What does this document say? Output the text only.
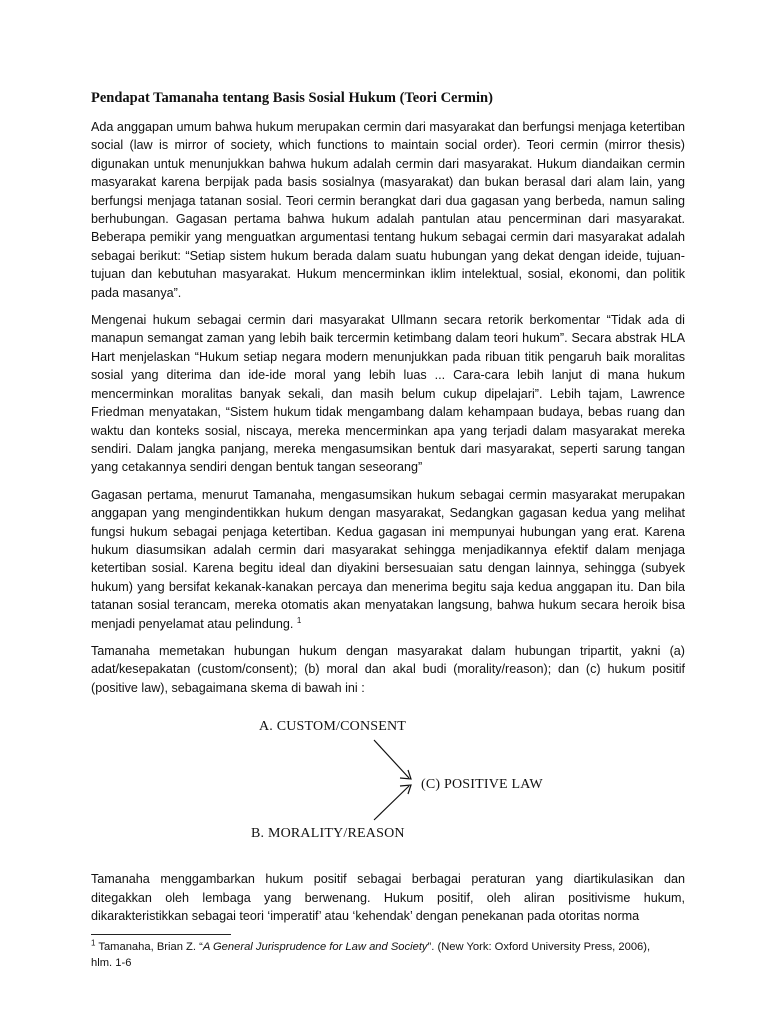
Pendapat Tamanaha tentang Basis Sosial Hukum (Teori Cermin)

Ada anggapan umum bahwa hukum merupakan cermin dari masyarakat dan berfungsi menjaga ketertiban social (law is mirror of society, which functions to maintain social order). Teori cermin (mirror thesis) digunakan untuk menunjukkan bahwa hukum adalah cermin dari masyarakat. Hukum diandaikan cermin masyarakat karena berpijak pada basis sosialnya (masyarakat) dan bukan berasal dari alam lain, yang berfungsi menjaga tatanan sosial. Teori cermin berangkat dari dua gagasan yang berbeda, namun saling berhubungan. Gagasan pertama bahwa hukum adalah pantulan atau pencerminan dari masyarakat. Beberapa pemikir yang menguatkan argumentasi tentang hukum sebagai cermin dari masyarakat adalah sebagai berikut: “Setiap sistem hukum berada dalam suatu hubungan yang dekat dengan ideide, tujuan-tujuan dan kebutuhan masyarakat. Hukum mencerminkan iklim intelektual, sosial, ekonomi, dan politik pada masanya”.

Mengenai hukum sebagai cermin dari masyarakat Ullmann secara retorik berkomentar “Tidak ada di manapun semangat zaman yang lebih baik tercermin ketimbang dalam teori hukum”. Secara abstrak HLA Hart menjelaskan “Hukum setiap negara modern menunjukkan pada ribuan titik pengaruh baik moralitas sosial yang diterima dan ide-ide moral yang lebih luas ... Cara-cara lebih lanjut di mana hukum mencerminkan moralitas banyak sekali, dan masih belum cukup dipelajari”. Lebih tajam, Lawrence Friedman menyatakan, “Sistem hukum tidak mengambang dalam kehampaan budaya, bebas ruang dan waktu dan konteks sosial, niscaya, mereka mencerminkan apa yang terjadi dalam masyarakat mereka sendiri. Dalam jangka panjang, mereka mengasumsikan bentuk dari masyarakat, seperti sarung tangan yang cetakannya sendiri dengan bentuk tangan seseorang”

Gagasan pertama, menurut Tamanaha, mengasumsikan hukum sebagai cermin masyarakat merupakan anggapan yang mengindentikkan hukum dengan masyarakat, Sedangkan gagasan kedua yang melihat fungsi hukum sebagai penjaga ketertiban. Kedua gagasan ini mempunyai hubungan yang erat. Karena hukum diasumsikan adalah cermin dari masyarakat sehingga menjadikannya efektif dalam menjaga ketertiban sosial. Karena begitu ideal dan diyakini bersesuaian satu dengan lainnya, sehingga (subyek hukum) yang bersifat kekanak-kanakan percaya dan menerima begitu saja kedua anggapan itu. Dan bila tatanan sosial terancam, mereka otomatis akan menyatakan langsung, bahwa hukum secara heroik bisa menjadi penyelamat atau pelindung. $^1$

Tamanaha memetakan hubungan hukum dengan masyarakat dalam hubungan tripartit, yakni (a) adat/kesepakatan (custom/consent); (b) moral dan akal budi (morality/reason); dan (c) hukum positif (positive law), sebagaimana skema di bawah ini :

A. CUSTOM/CONSENT
B. MORALITY/REASON
(C) POSITIVE LAW

Tamanaha menggambarkan hukum positif sebagai berbagai peraturan yang diartikulasikan dan ditegakkan oleh lembaga yang berwenang. Hukum positif, oleh aliran positivisme hukum, dikarakteristikkan sebagai teori ‘imperatif’ atau ‘kehendak’ dengan penekanan pada otoritas norma

$^1$ Tamanaha, Brian Z. “A General Jurisprudence for Law and Society”. (New York: Oxford University Press, 2006),
hlm. 1-6
